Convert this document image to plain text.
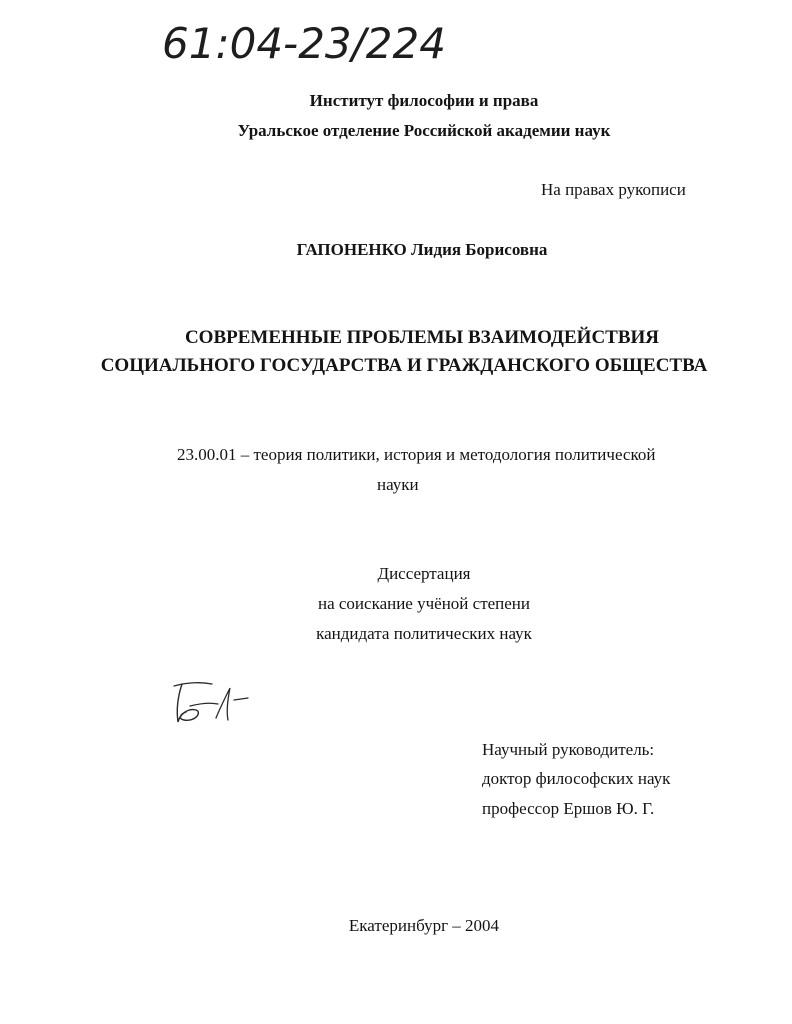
61:04-23/224
Институт философии и права
Уральское отделение Российской академии наук
На правах рукописи
ГАПОНЕНКО Лидия Борисовна
СОВРЕМЕННЫЕ ПРОБЛЕМЫ ВЗАИМОДЕЙСТВИЯ
СОЦИАЛЬНОГО ГОСУДАРСТВА И ГРАЖДАНСКОГО ОБЩЕСТВА
23.00.01 – теория политики, история и методология политической
науки
Диссертация
на соискание учёной степени
кандидата политических наук
Научный руководитель:
доктор философских наук
профессор Ершов Ю. Г.
Екатеринбург – 2004
